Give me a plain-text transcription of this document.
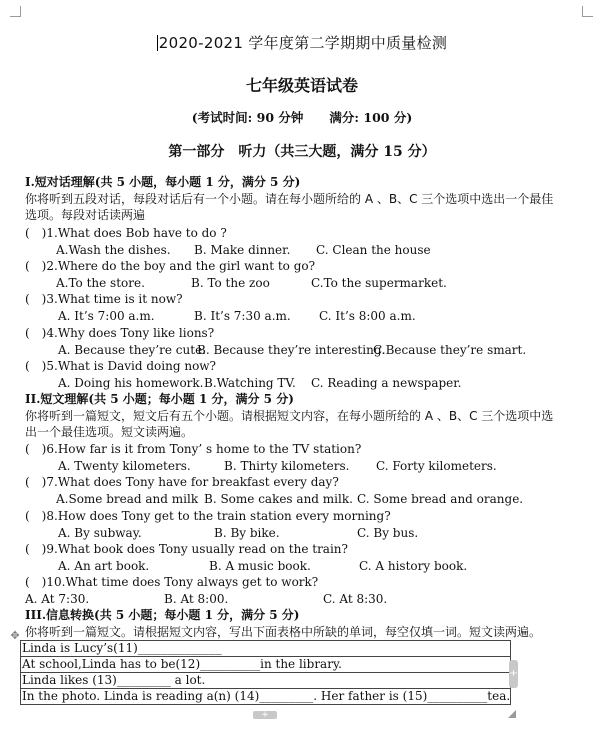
2020-2021 学年度第二学期期中质量检测
七年级英语试卷
(考试时间: 90 分钟 满分: 100 分)
第一部分　听力（共三大题，满分 15 分）
I.短对话理解(共 5 小题，每小题 1 分，满分 5 分)
你将听到五段对话，每段对话后有一个小题。请在每小题所给的 A 、B、C 三个选项中选出一个最佳
选项。每段对话读两遍
(　)1.What does Bob have to do ?
A.Wash the dishes. B. Make dinner. C. Clean the house
(　)2.Where do the boy and the girl want to go?
A.To the store.	B. To the zoo	C.To the supermarket.
(　)3.What time is it now?
A. It’s 7:00 a.m.	B. It’s 7:30 a.m. C. It’s 8:00 a.m.
(　)4.Why does Tony like lions?
A. Because they’re cute.
B. Because they’re interesting.
C.Because they’re smart.
(　)5.What is David doing now?
A. Doing his homework. B.Watching TV. C. Reading a newspaper.
II.短文理解(共 5 小题；每小题 1 分，满分 5 分)
你将听到一篇短文，短文后有五个小题。请根据短文内容，在每小题所给的 A 、B、C 三个选项中选
出一个最佳选项。短文读两遍。
(　)6.How far is it from Tony’ s home to the TV station?
A. Twenty kilometers.	B. Thirty kilometers. C. Forty kilometers.
(　)7.What does Tony have for breakfast every day?
A.Some bread and milk B. Some cakes and milk. C. Some bread and orange.
(　)8.How does Tony get to the train station every morning?
A. By subway.	B. By bike.	C. By bus.
(　)9.What book does Tony usually read on the train?
A. An art book.	B. A music book.	C. A history book.
(　)10.What time does Tony always get to work?
A. At 7:30.	B. At 8:00.	C. At 8:30.
III.信息转换(共 5 小题；每小题 1 分，满分 5 分)
你将听到一篇短文。请根据短文内容，写出下面表格中所缺的单词，每空仅填一词。短文读两遍。
✥
Linda is Lucy’s(11)______________
At school,Linda has to be(12)__________in the library.
Linda likes (13)_________ a lot.
In the photo. Linda is reading a(n) (14)_________. Her father is (15)__________tea.
+
+
